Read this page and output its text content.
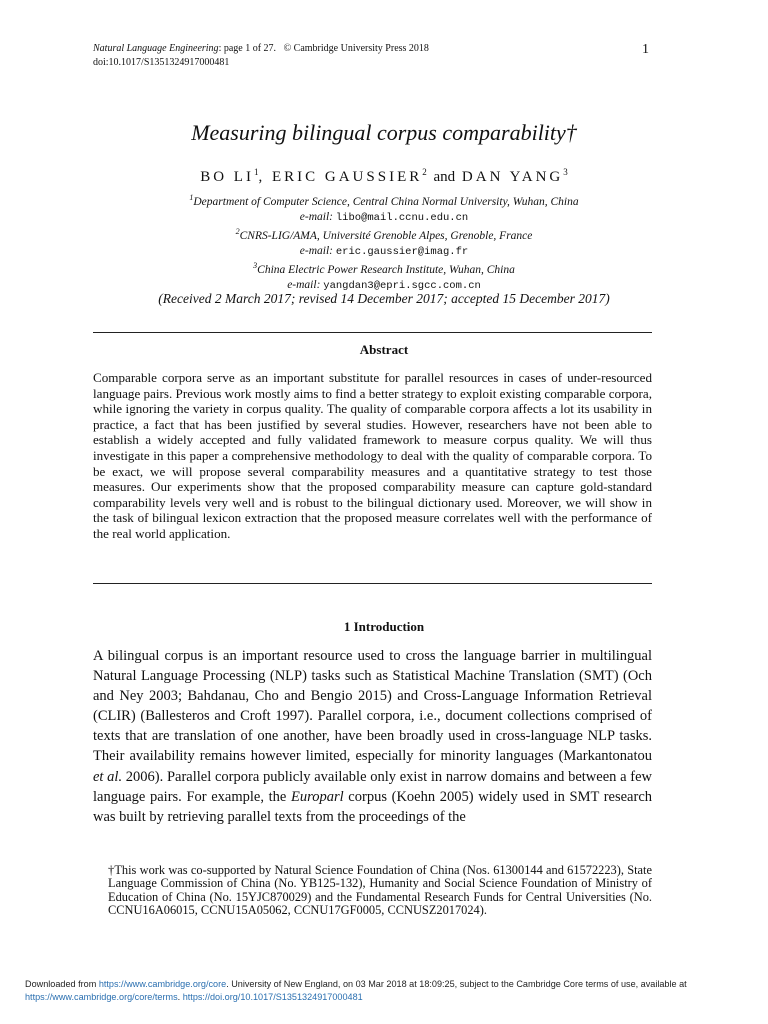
Natural Language Engineering: page 1 of 27. © Cambridge University Press 2018
doi:10.1017/S1351324917000481
1
Measuring bilingual corpus comparability†
BO $LI^1$, ERIC GAUSSIER$^2$ and DAN YANG$^3$
$^1$Department of Computer Science, Central China Normal University, Wuhan, China
e-mail: libo@mail.ccnu.edu.cn
$^2$CNRS-LIG/AMA, Université Grenoble Alpes, Grenoble, France
e-mail: eric.gaussier@imag.fr
$^3$China Electric Power Research Institute, Wuhan, China
e-mail: yangdan3@epri.sgcc.com.cn
(Received 2 March 2017; revised 14 December 2017; accepted 15 December 2017)
Abstract
Comparable corpora serve as an important substitute for parallel resources in cases of under-resourced language pairs. Previous work mostly aims to find a better strategy to exploit existing comparable corpora, while ignoring the variety in corpus quality. The quality of comparable corpora affects a lot its usability in practice, a fact that has been justified by several studies. However, researchers have not been able to establish a widely accepted and fully validated framework to measure corpus quality. We will thus investigate in this paper a comprehensive methodology to deal with the quality of comparable corpora. To be exact, we will propose several comparability measures and a quantitative strategy to test those measures. Our experiments show that the proposed comparability measure can capture gold-standard comparability levels very well and is robust to the bilingual dictionary used. Moreover, we will show in the task of bilingual lexicon extraction that the proposed measure correlates well with the performance of the real world application.
1 Introduction
A bilingual corpus is an important resource used to cross the language barrier in multilingual Natural Language Processing (NLP) tasks such as Statistical Machine Translation (SMT) (Och and Ney 2003; Bahdanau, Cho and Bengio 2015) and Cross-Language Information Retrieval (CLIR) (Ballesteros and Croft 1997). Parallel corpora, i.e., document collections comprised of texts that are translation of one another, have been broadly used in cross-language NLP tasks. Their availability remains however limited, especially for minority languages (Markantonatou et al. 2006). Parallel corpora publicly available only exist in narrow domains and between a few language pairs. For example, the Europarl corpus (Koehn 2005) widely used in SMT research was built by retrieving parallel texts from the proceedings of the
†This work was co-supported by Natural Science Foundation of China (Nos. 61300144 and 61572223), State Language Commission of China (No. YB125-132), Humanity and Social Science Foundation of Ministry of Education of China (No. 15YJC870029) and the Fundamental Research Funds for Central Universities (No. CCNU16A06015, CCNU15A05062, CCNU17GF0005, CCNUSZ2017024).
Downloaded from https://www.cambridge.org/core. University of New England, on 03 Mar 2018 at 18:09:25, subject to the Cambridge Core terms of use, available at https://www.cambridge.org/core/terms. https://doi.org/10.1017/S1351324917000481
